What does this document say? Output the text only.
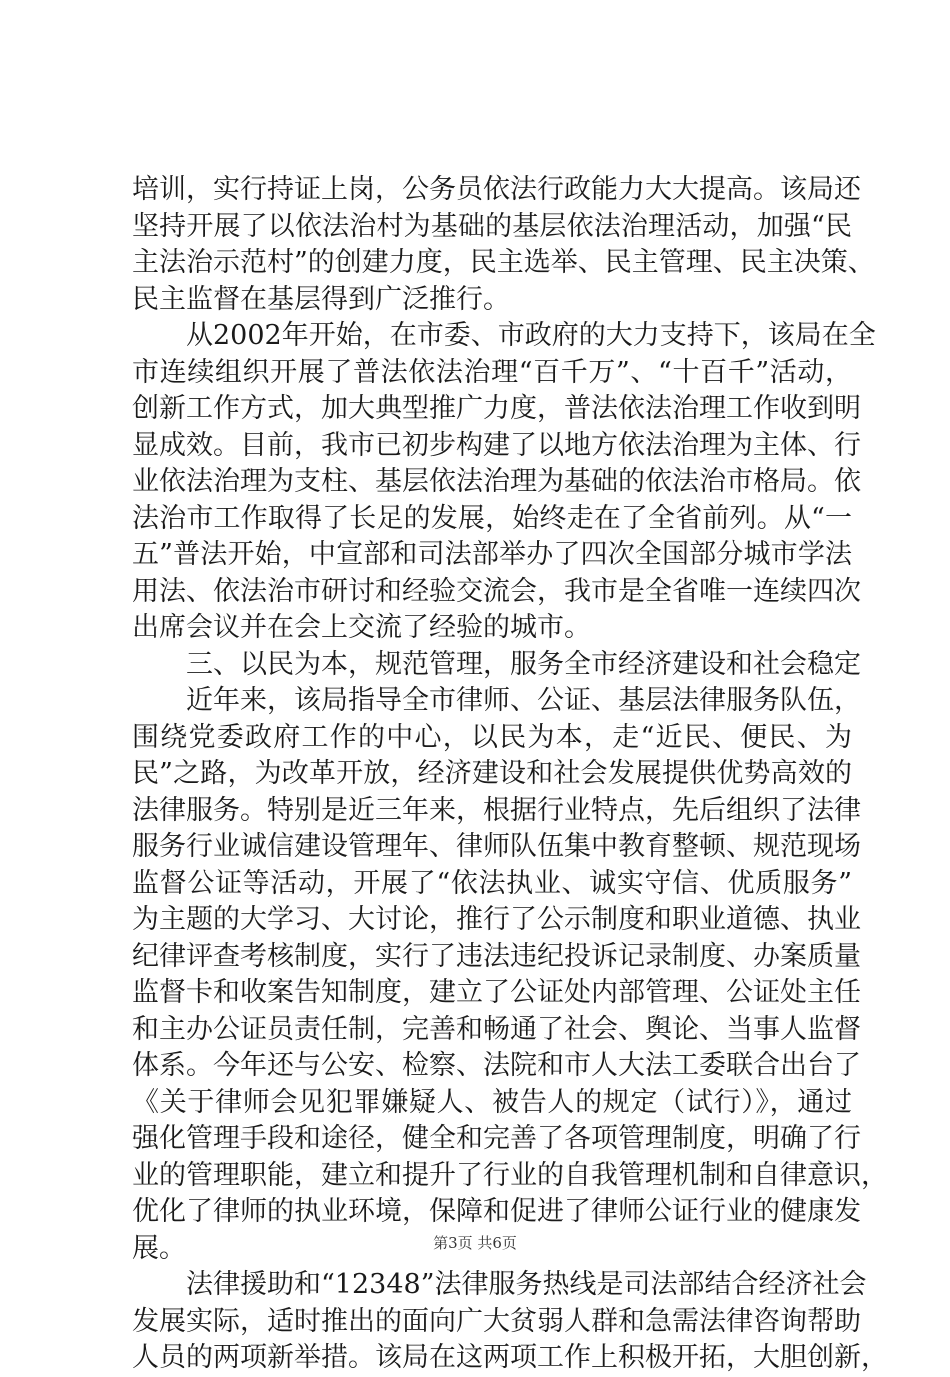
培训，实行持证上岗，公务员依法行政能力大大提高。该局还
坚持开展了以依法治村为基础的基层依法治理活动，加强“民
主法治示范村”的创建力度，民主选举、民主管理、民主决策、
民主监督在基层得到广泛推行。
从2002年开始，在市委、市政府的大力支持下，该局在全
市连续组织开展了普法依法治理“百千万”、“十百千”活动，
创新工作方式，加大典型推广力度，普法依法治理工作收到明
显成效。目前，我市已初步构建了以地方依法治理为主体、行
业依法治理为支柱、基层依法治理为基础的依法治市格局。依
法治市工作取得了长足的发展，始终走在了全省前列。从“一
五”普法开始，中宣部和司法部举办了四次全国部分城市学法
用法、依法治市研讨和经验交流会，我市是全省唯一连续四次
出席会议并在会上交流了经验的城市。
三、以民为本，规范管理，服务全市经济建设和社会稳定
近年来，该局指导全市律师、公证、基层法律服务队伍，
围绕党委政府工作的中心，以民为本，走“近民、便民、为
民”之路，为改革开放，经济建设和社会发展提供优势高效的
法律服务。特别是近三年来，根据行业特点，先后组织了法律
服务行业诚信建设管理年、律师队伍集中教育整顿、规范现场
监督公证等活动，开展了“依法执业、诚实守信、优质服务”
为主题的大学习、大讨论，推行了公示制度和职业道德、执业
纪律评查考核制度，实行了违法违纪投诉记录制度、办案质量
监督卡和收案告知制度，建立了公证处内部管理、公证处主任
和主办公证员责任制，完善和畅通了社会、舆论、当事人监督
体系。今年还与公安、检察、法院和市人大法工委联合出台了
《关于律师会见犯罪嫌疑人、被告人的规定（试行）》，通过
强化管理手段和途径，健全和完善了各项管理制度，明确了行
业的管理职能，建立和提升了行业的自我管理机制和自律意识，
优化了律师的执业环境，保障和促进了律师公证行业的健康发
展。
法律援助和“12348”法律服务热线是司法部结合经济社会
发展实际，适时推出的面向广大贫弱人群和急需法律咨询帮助
人员的两项新举措。该局在这两项工作上积极开拓，大胆创新，
第3页 共6页
